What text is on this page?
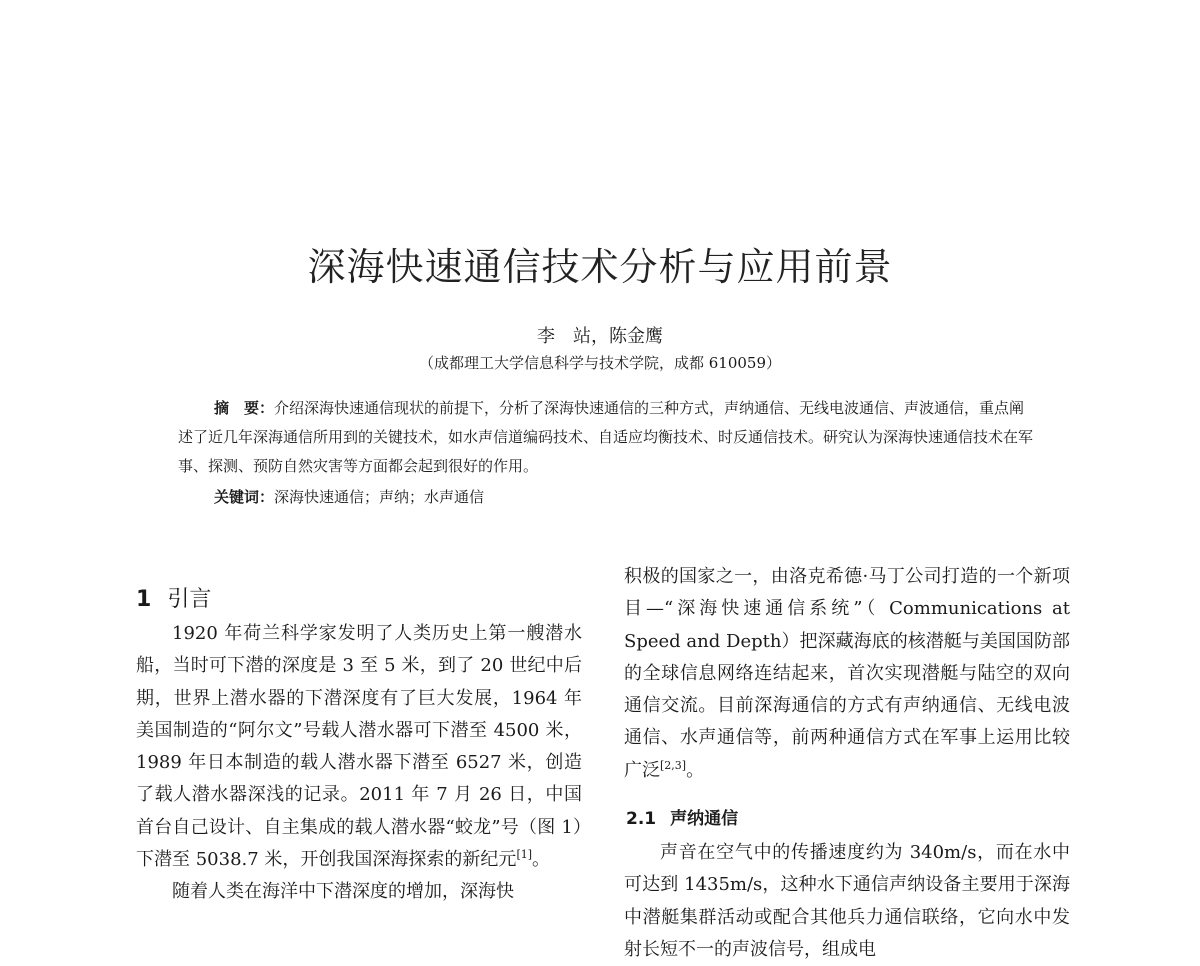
深海快速通信技术分析与应用前景
李　站，陈金鹰
（成都理工大学信息科学与技术学院，成都 610059）
摘　要：介绍深海快速通信现状的前提下，分析了深海快速通信的三种方式，声纳通信、无线电波通信、声波通信，重点阐述了近几年深海通信所用到的关键技术，如水声信道编码技术、自适应均衡技术、时反通信技术。研究认为深海快速通信技术在军事、探测、预防自然灾害等方面都会起到很好的作用。
关键词：深海快速通信；声纳；水声通信
1 引言

1920 年荷兰科学家发明了人类历史上第一艘潜水船，当时可下潜的深度是 3 至 5 米，到了 20 世纪中后期，世界上潜水器的下潜深度有了巨大发展，1964 年美国制造的“阿尔文”号载人潜水器可下潜至 4500 米，1989 年日本制造的载人潜水器下潜至 6527 米，创造了载人潜水器深浅的记录。2011 年 7 月 26 日，中国首台自己设计、自主集成的载人潜水器“蛟龙”号（图 1）下潜至 5038.7 米，开创我国深海探索的新纪元[1]。

随着人类在海洋中下潜深度的增加，深海快

积极的国家之一，由洛克希德·马丁公司打造的一个新项目—“深海快速通信系统”（ Communications at Speed and Depth）把深藏海底的核潜艇与美国国防部的全球信息网络连结起来，首次实现潜艇与陆空的双向通信交流。目前深海通信的方式有声纳通信、无线电波通信、水声通信等，前两种通信方式在军事上运用比较广泛[2,3]。

2.1 声纳通信

声音在空气中的传播速度约为 340m/s，而在水中可达到 1435m/s，这种水下通信声纳设备主要用于深海中潜艇集群活动或配合其他兵力通信联络，它向水中发射长短不一的声波信号，组成电
